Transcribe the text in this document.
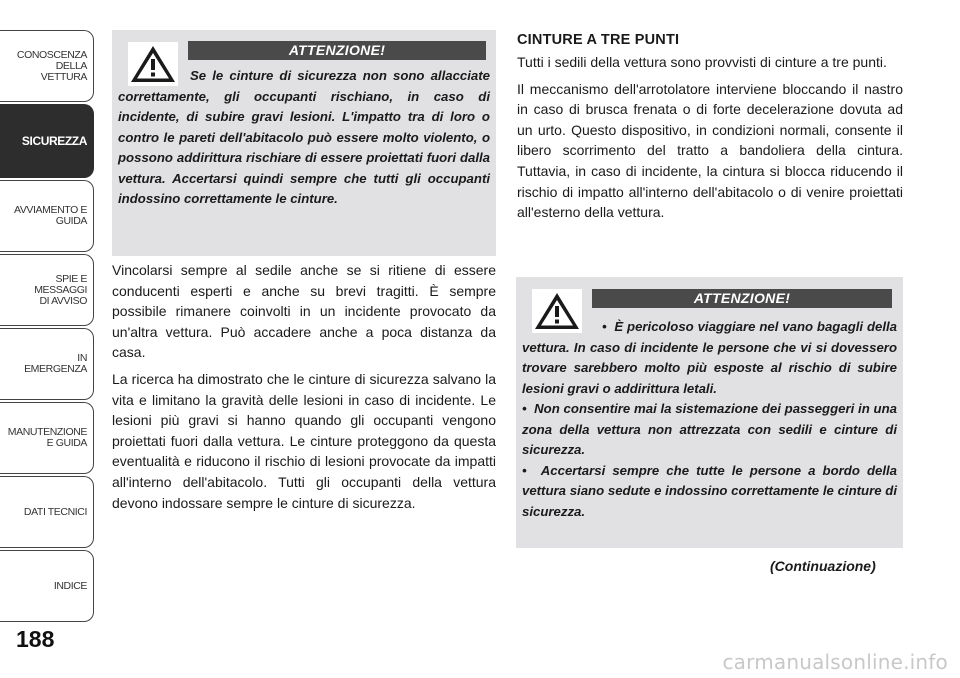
CONOSCENZA DELLA
VETTURA
SICUREZZA
AVVIAMENTO E
GUIDA
SPIE E
MESSAGGI
DI AVVISO
IN
EMERGENZA
MANUTENZIONE
E GUIDA
DATI TECNICI
INDICE
188
ATTENZIONE!
Se le cinture di sicurezza non sono allacciate correttamente, gli occupanti rischiano, in caso di incidente, di subire gravi lesioni. L'impatto tra di loro o contro le pareti dell'abitacolo può essere molto violento, o possono addirittura rischiare di essere proiettati fuori dalla vettura. Accertarsi quindi sempre che tutti gli occupanti indossino correttamente le cinture.

Vincolarsi sempre al sedile anche se si ritiene di essere conducenti esperti e anche su brevi tragitti. È sempre possibile rimanere coinvolti in un incidente provocato da un'altra vettura. Può accadere anche a poca distanza da casa.

La ricerca ha dimostrato che le cinture di sicurezza salvano la vita e limitano la gravità delle lesioni in caso di incidente. Le lesioni più gravi si hanno quando gli occupanti vengono proiettati fuori dalla vettura. Le cinture proteggono da questa eventualità e riducono il rischio di lesioni provocate da impatti all'interno dell'abitacolo. Tutti gli occupanti della vettura devono indossare sempre le cinture di sicurezza.

CINTURE A TRE PUNTI

Tutti i sedili della vettura sono provvisti di cinture a tre punti.

Il meccanismo dell'arrotolatore interviene bloccando il nastro in caso di brusca frenata o di forte decelerazione dovuta ad un urto. Questo dispositivo, in condizioni normali, consente il libero scorrimento del tratto a bandoliera della cintura. Tuttavia, in caso di incidente, la cintura si blocca riducendo il rischio di impatto all'interno dell'abitacolo o di venire proiettati all'esterno della vettura.

ATTENZIONE!

•  È pericoloso viaggiare nel vano bagagli della vettura. In caso di incidente le persone che vi si dovessero trovare sarebbero molto più esposte al rischio di subire lesioni gravi o addirittura letali.

•  Non consentire mai la sistemazione dei passeggeri in una zona della vettura non attrezzata con sedili e cinture di sicurezza.

•  Accertarsi sempre che tutte le persone a bordo della vettura siano sedute e indossino correttamente le cinture di sicurezza.

(Continuazione)
carmanualsonline.info
